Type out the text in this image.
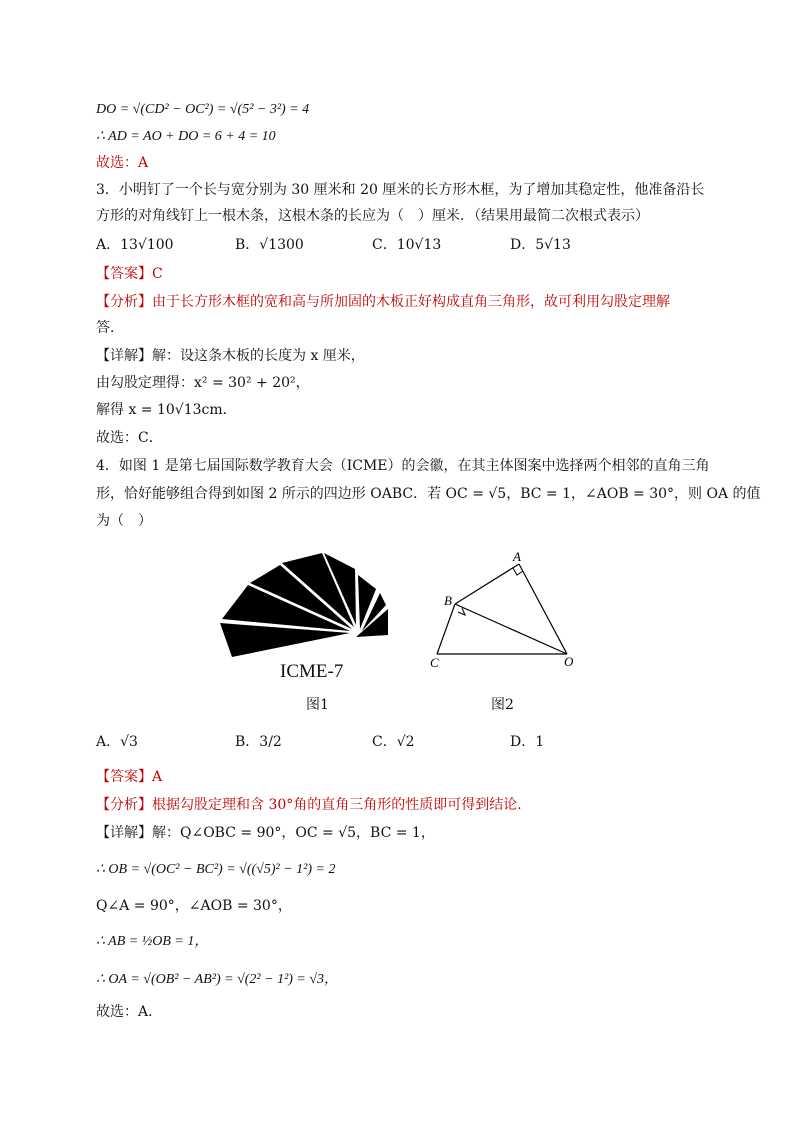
DO = √(CD² − OC²) = √(5² − 3²) = 4
∴ AD = AO + DO = 6 + 4 = 10
故选：A
3．小明钉了一个长与宽分别为 30 厘米和 20 厘米的长方形木框，为了增加其稳定性，他准备沿长
方形的对角线钉上一根木条，这根木条的长应为（　）厘米．（结果用最简二次根式表示）
A．13√100	B．√1300	C．10√13	D．5√13
【答案】C
【分析】由于长方形木框的宽和高与所加固的木板正好构成直角三角形，故可利用勾股定理解
答．
【详解】解：设这条木板的长度为 x 厘米，
由勾股定理得：x² = 30² + 20²，
解得 x = 10√13cm．
故选：C．
4．如图 1 是第七届国际数学教育大会（ICME）的会徽，在其主体图案中选择两个相邻的直角三角
形，恰好能够组合得到如图 2 所示的四边形 OABC．若 OC = √5，BC = 1，∠AOB = 30°，则 OA 的值
为（　）
ICME-7
图1
A
B
C	O
图2
A．√3	B．3/2	C．√2	D．1
【答案】A
【分析】根据勾股定理和含 30°角的直角三角形的性质即可得到结论．
【详解】解：Q∠OBC = 90°，OC = √5，BC = 1，
∴ OB = √(OC² − BC²) = √((√5)² − 1²) = 2
Q∠A = 90°，∠AOB = 30°，
∴ AB = ½OB = 1，
∴ OA = √(OB² − AB²) = √(2² − 1²) = √3，
故选：A．
